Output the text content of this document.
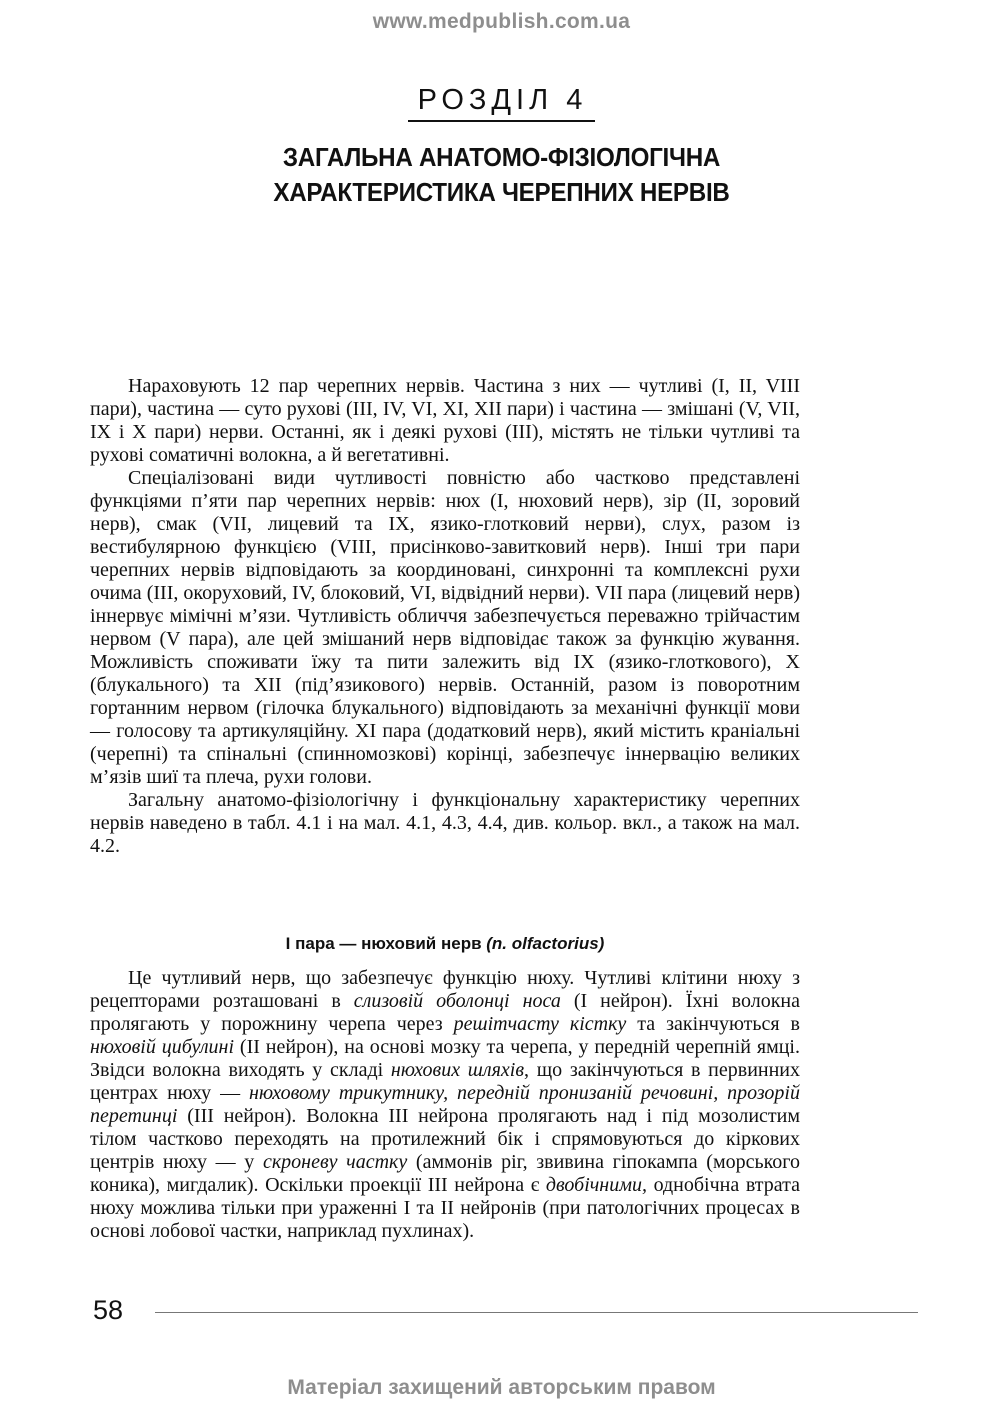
www.medpublish.com.ua
РОЗДІЛ 4
ЗАГАЛЬНА АНАТОМО-ФІЗІОЛОГІЧНА
ХАРАКТЕРИСТИКА ЧЕРЕПНИХ НЕРВІВ

Нараховують 12 пар черепних нервів. Частина з них — чутливі (I, II, VIII пари), частина — суто рухові (III, IV, VI, XI, XII пари) і частина — змішані (V, VII, IX і X пари) нерви. Останні, як і деякі рухові (III), містять не тільки чутливі та рухові соматичні волокна, а й вегетативні.

Спеціалізовані види чутливості повністю або частково представлені функціями п’яти пар черепних нервів: нюх (I, нюховий нерв), зір (II, зоровий нерв), смак (VII, лицевий та IX, язико-глотковий нерви), слух, разом із вестибулярною функцією (VIII, присінково-завитковий нерв). Інші три пари черепних нервів відповідають за координовані, синхронні та комплексні рухи очима (III, окоруховий, IV, блоковий, VI, відвідний нерви). VII пара (лицевий нерв) іннервує мімічні м’язи. Чутливість обличчя забезпечується переважно трійчастим нервом (V пара), але цей змішаний нерв відповідає також за функцію жування. Можливість споживати їжу та пити залежить від IX (язико-глоткового), X (блукального) та XII (під’язикового) нервів. Останній, разом із поворотним гортанним нервом (гілочка блукального) відповідають за механічні функції мови — голосову та артикуляційну. XI пара (додатковий нерв), який містить краніальні (черепні) та спінальні (спинномозкові) корінці, забезпечує іннервацію великих м’язів шиї та плеча, рухи голови.

Загальну анатомо-фізіологічну і функціональну характеристику черепних нервів наведено в табл. 4.1 і на мал. 4.1, 4.3, 4.4, див. кольор. вкл., а також на мал. 4.2.

I пара — нюховий нерв (n. olfactorius)

Це чутливий нерв, що забезпечує функцію нюху. Чутливі клітини нюху з рецепторами розташовані в слизовій оболонці носа (I нейрон). Їхні волокна пролягають у порожнину черепа через решітчасту кістку та закінчуються в нюховій цибулині (II нейрон), на основі мозку та черепа, у передній черепній ямці. Звідси волокна виходять у складі нюхових шляхів, що закінчуються в первинних центрах нюху — нюховому трикутнику, передній пронизаній речовині, прозорій перетинці (III нейрон). Волокна III нейрона пролягають над і під мозолистим тілом частково переходять на протилежний бік і спрямовуються до кіркових центрів нюху — у скроневу частку (аммонів ріг, звивина гіпокампа (морського коника), мигдалик). Оскільки проекції III нейрона є двобічними, однобічна втрата нюху можлива тільки при ураженні I та II нейронів (при патологічних процесах в основі лобової частки, наприклад пухлинах).

58
Матеріал захищений авторським правом
